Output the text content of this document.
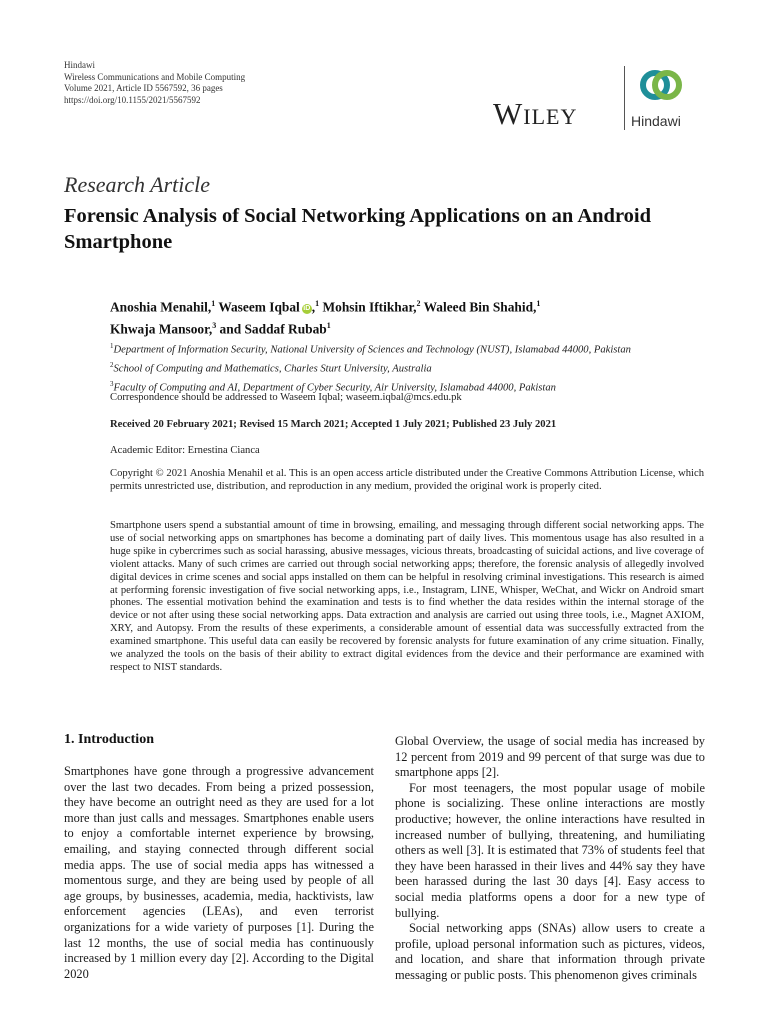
Hindawi
Wireless Communications and Mobile Computing
Volume 2021, Article ID 5567592, 36 pages
https://doi.org/10.1155/2021/5567592	Wiley	Hindawi
Research Article
Forensic Analysis of Social Networking Applications on an Android Smartphone
Anoshia Menahil,$^1$ Waseem Iqbal iD ,$^1$ Mohsin Iftikhar,$^2$ Waleed Bin Shahid,$^1$
Khwaja Mansoor,$^3$ and Saddaf Rubab$^1$
$^1$Department of Information Security, National University of Sciences and Technology (NUST), Islamabad 44000, Pakistan
$^2$School of Computing and Mathematics, Charles Sturt University, Australia
$^3$Faculty of Computing and AI, Department of Cyber Security, Air University, Islamabad 44000, Pakistan
Correspondence should be addressed to Waseem Iqbal; waseem.iqbal@mcs.edu.pk
Received 20 February 2021; Revised 15 March 2021; Accepted 1 July 2021; Published 23 July 2021
Academic Editor: Ernestina Cianca
Copyright © 2021 Anoshia Menahil et al. This is an open access article distributed under the Creative Commons Attribution License, which permits unrestricted use, distribution, and reproduction in any medium, provided the original work is properly cited.
Smartphone users spend a substantial amount of time in browsing, emailing, and messaging through different social networking apps. The use of social networking apps on smartphones has become a dominating part of daily lives. This momentous usage has also resulted in a huge spike in cybercrimes such as social harassing, abusive messages, vicious threats, broadcasting of suicidal actions, and live coverage of violent attacks. Many of such crimes are carried out through social networking apps; therefore, the forensic analysis of allegedly involved digital devices in crime scenes and social apps installed on them can be helpful in resolving criminal investigations. This research is aimed at performing forensic investigation of five social networking apps, i.e., Instagram, LINE, Whisper, WeChat, and Wickr on Android smart phones. The essential motivation behind the examination and tests is to find whether the data resides within the internal storage of the device or not after using these social networking apps. Data extraction and analysis are carried out using three tools, i.e., Magnet AXIOM, XRY, and Autopsy. From the results of these experiments, a considerable amount of essential data was successfully extracted from the examined smartphone. This useful data can easily be recovered by forensic analysts for future examination of any crime situation. Finally, we analyzed the tools on the basis of their ability to extract digital evidences from the device and their performance are examined with respect to NIST standards.
1. Introduction

Smartphones have gone through a progressive advancement over the last two decades. From being a prized possession, they have become an outright need as they are used for a lot more than just calls and messages. Smartphones enable users to enjoy a comfortable internet experience by browsing, emailing, and staying connected through different social media apps. The use of social media apps has witnessed a momentous surge, and they are being used by people of all age groups, by businesses, academia, media, hacktivists, law enforcement agencies (LEAs), and even terrorist organizations for a wide variety of purposes [1]. During the last 12 months, the use of social media has continuously increased by 1 million every day [2]. According to the Digital 2020

Global Overview, the usage of social media has increased by 12 percent from 2019 and 99 percent of that surge was due to smartphone apps [2].

For most teenagers, the most popular usage of mobile phone is socializing. These online interactions are mostly productive; however, the online interactions have resulted in increased number of bullying, threatening, and humiliating others as well [3]. It is estimated that 73% of students feel that they have been harassed in their lives and 44% say they have been harassed during the last 30 days [4]. Easy access to social media platforms opens a door for a new type of bullying.

Social networking apps (SNAs) allow users to create a profile, upload personal information such as pictures, videos, and location, and share that information through private messaging or public posts. This phenomenon gives criminals
